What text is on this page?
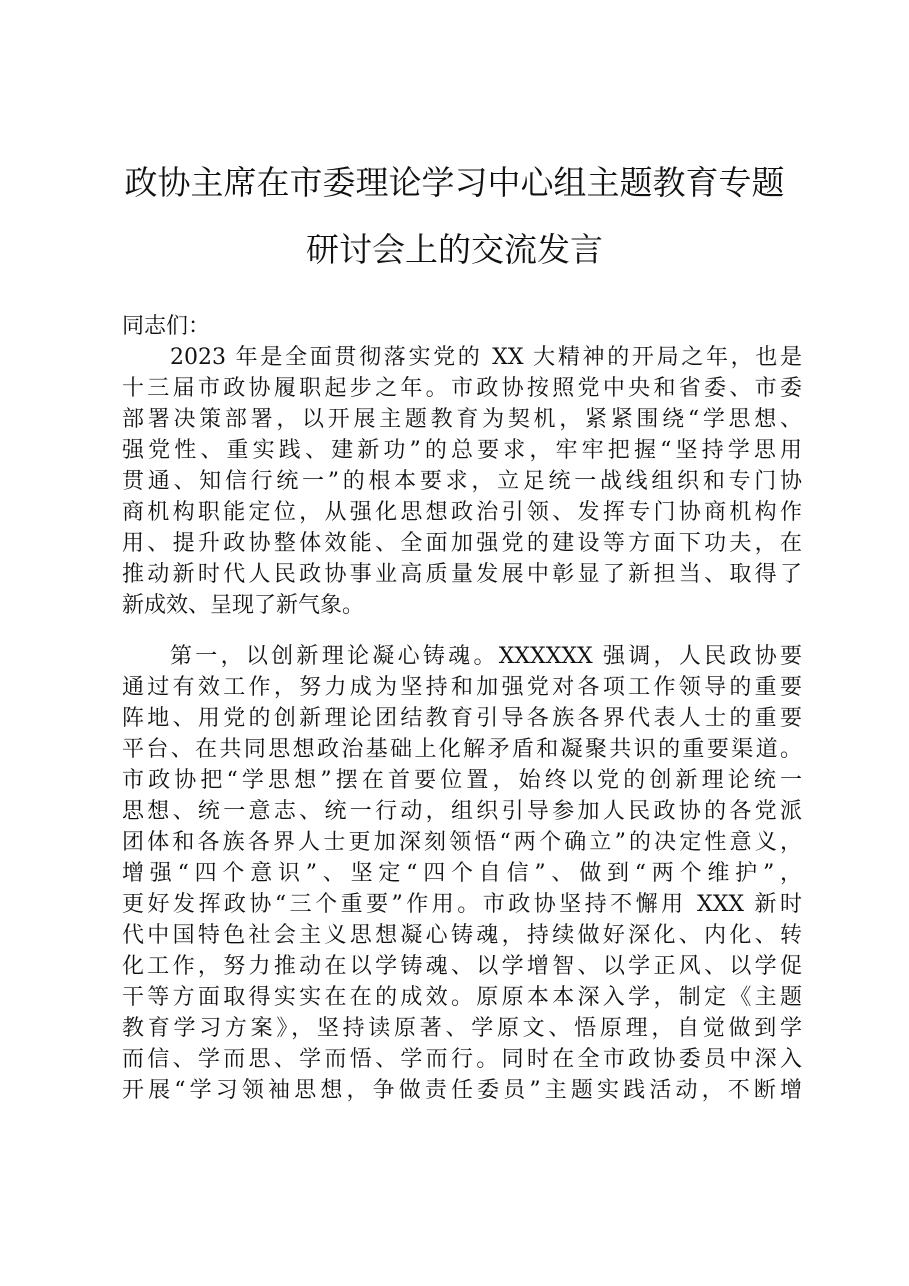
政协主席在市委理论学习中心组主题教育专题
研讨会上的交流发言
同志们：
2023 年是全面贯彻落实党的 XX 大精神的开局之年，也是
十三届市政协履职起步之年。市政协按照党中央和省委、市委
部署决策部署，以开展主题教育为契机，紧紧围绕“学思想、
强党性、重实践、建新功”的总要求，牢牢把握“坚持学思用
贯通、知信行统一”的根本要求，立足统一战线组织和专门协
商机构职能定位，从强化思想政治引领、发挥专门协商机构作
用、提升政协整体效能、全面加强党的建设等方面下功夫，在
推动新时代人民政协事业高质量发展中彰显了新担当、取得了
新成效、呈现了新气象。
第一，以创新理论凝心铸魂。XXXXXX 强调，人民政协要
通过有效工作，努力成为坚持和加强党对各项工作领导的重要
阵地、用党的创新理论团结教育引导各族各界代表人士的重要
平台、在共同思想政治基础上化解矛盾和凝聚共识的重要渠道。
市政协把“学思想”摆在首要位置，始终以党的创新理论统一
思想、统一意志、统一行动，组织引导参加人民政协的各党派
团体和各族各界人士更加深刻领悟“两个确立”的决定性意义，
增强“四个意识”、坚定“四个自信”、做到“两个维护”，
更好发挥政协“三个重要”作用。市政协坚持不懈用 XXX 新时
代中国特色社会主义思想凝心铸魂，持续做好深化、内化、转
化工作，努力推动在以学铸魂、以学增智、以学正风、以学促
干等方面取得实实在在的成效。原原本本深入学，制定《主题
教育学习方案》，坚持读原著、学原文、悟原理，自觉做到学
而信、学而思、学而悟、学而行。同时在全市政协委员中深入
开展“学习领袖思想，争做责任委员”主题实践活动，不断增
